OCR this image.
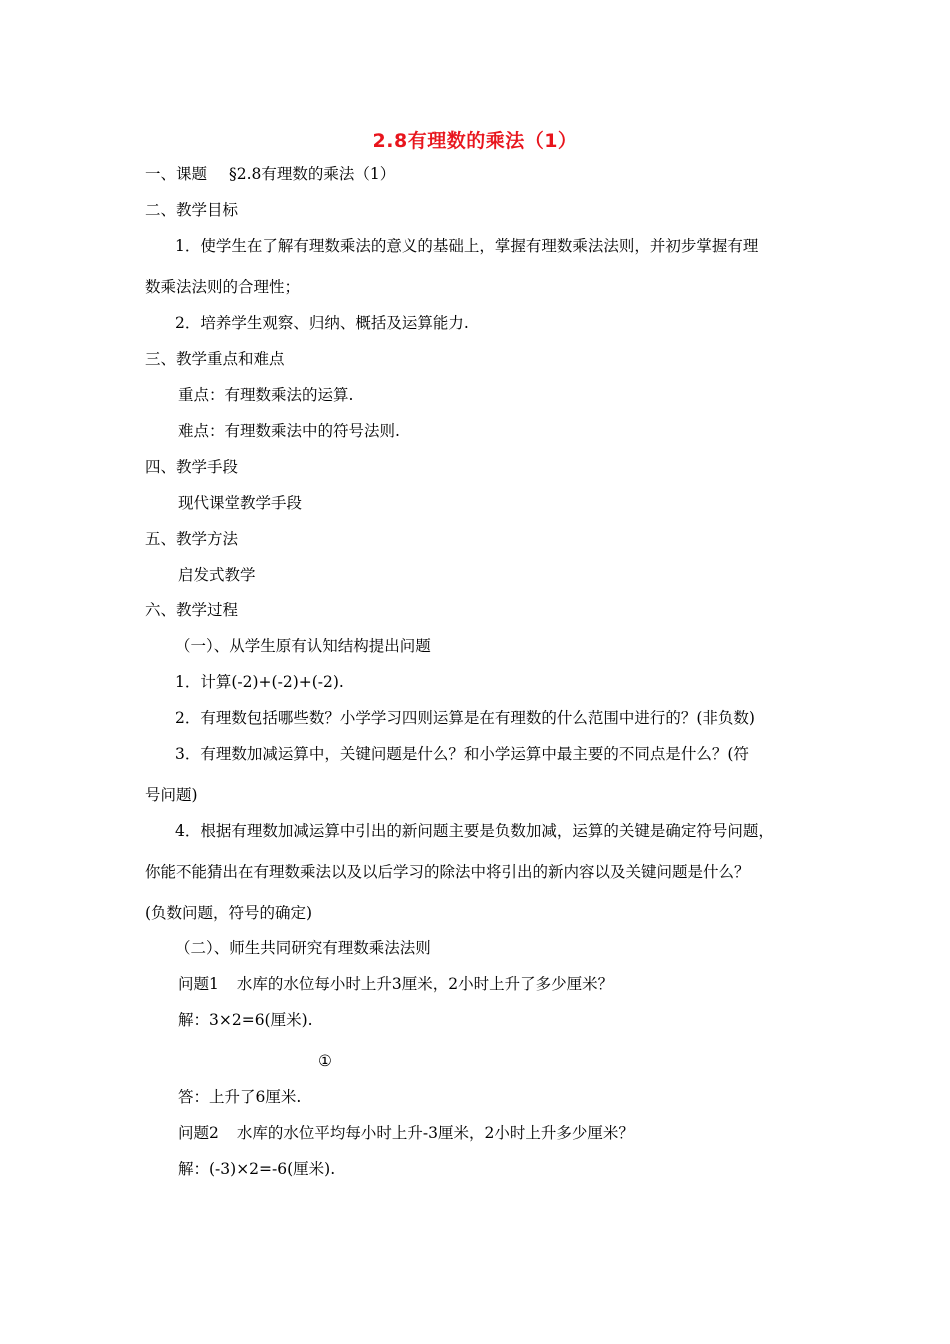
2.8有理数的乘法（1）
一、课题 §2.8有理数的乘法（1）
二、教学目标
1．使学生在了解有理数乘法的意义的基础上，掌握有理数乘法法则，并初步掌握有理
数乘法法则的合理性；
2．培养学生观察、归纳、概括及运算能力.
三、教学重点和难点
重点：有理数乘法的运算.
难点：有理数乘法中的符号法则.
四、教学手段
现代课堂教学手段
五、教学方法
启发式教学
六、教学过程
（一）、从学生原有认知结构提出问题
1．计算(-2)+(-2)+(-2).
2．有理数包括哪些数？小学学习四则运算是在有理数的什么范围中进行的？(非负数)
3．有理数加减运算中，关键问题是什么？和小学运算中最主要的不同点是什么？(符
号问题)
4．根据有理数加减运算中引出的新问题主要是负数加减，运算的关键是确定符号问题，
你能不能猜出在有理数乘法以及以后学习的除法中将引出的新内容以及关键问题是什么？
(负数问题，符号的确定)
（二）、师生共同研究有理数乘法法则
问题1 水库的水位每小时上升3厘米，2小时上升了多少厘米？
解：3×2=6(厘米).
①
答：上升了6厘米.
问题2 水库的水位平均每小时上升-3厘米，2小时上升多少厘米？
解：(-3)×2=-6(厘米).
